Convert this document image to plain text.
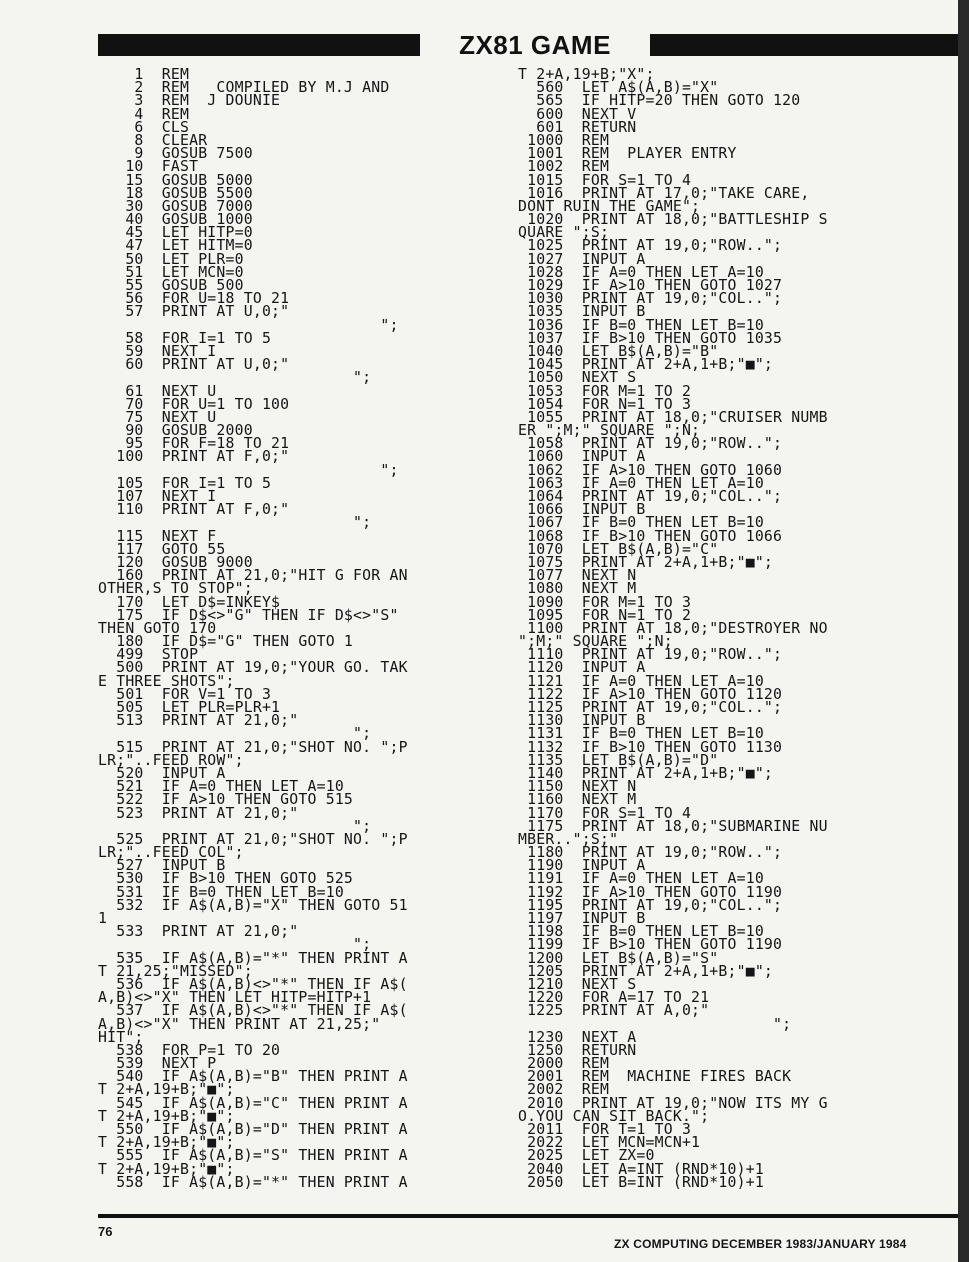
ZX81 GAME
1  REM
2  REM   COMPILED BY M.J AND
3  REM  J DOUNIE
4  REM
6  CLS
8  CLEAR
9  GOSUB 7500
10  FAST
15  GOSUB 5000
18  GOSUB 5500
30  GOSUB 7000
40  GOSUB 1000
45  LET HITP=0
47  LET HITM=0
50  LET PLR=0
51  LET MCN=0
55  GOSUB 500
56  FOR U=18 TO 21
57  PRINT AT U,0;"
";
58  FOR I=1 TO 5
59  NEXT I
60  PRINT AT U,0;"
";
61  NEXT U
70  FOR U=1 TO 100
75  NEXT U
90  GOSUB 2000
95  FOR F=18 TO 21
100  PRINT AT F,0;"
";
105  FOR I=1 TO 5
107  NEXT I
110  PRINT AT F,0;"
";
115  NEXT F
117  GOTO 55
120  GOSUB 9000
160  PRINT AT 21,0;"HIT G FOR AN
OTHER,S TO STOP";
170  LET D$=INKEY$
175  IF D$<>"G" THEN IF D$<>"S"
THEN GOTO 170
180  IF D$="G" THEN GOTO 1
499  STOP
500  PRINT AT 19,0;"YOUR GO. TAK
E THREE SHOTS";
501  FOR V=1 TO 3
505  LET PLR=PLR+1
513  PRINT AT 21,0;"
";
515  PRINT AT 21,0;"SHOT NO. ";P
LR;"..FEED ROW";
520  INPUT A
521  IF A=0 THEN LET A=10
522  IF A>10 THEN GOTO 515
523  PRINT AT 21,0;"
";
525  PRINT AT 21,0;"SHOT NO. ";P
LR;"..FEED COL";
527  INPUT B
530  IF B>10 THEN GOTO 525
531  IF B=0 THEN LET B=10
532  IF A$(A,B)="X" THEN GOTO 51
1
533  PRINT AT 21,0;"
";
535  IF A$(A,B)="*" THEN PRINT A
T 21,25;"MISSED";
536  IF A$(A,B)<>"*" THEN IF A$(
A,B)<>"X" THEN LET HITP=HITP+1
537  IF A$(A,B)<>"*" THEN IF A$(
A,B)<>"X" THEN PRINT AT 21,25;"
HIT";
538  FOR P=1 TO 20
539  NEXT P
540  IF A$(A,B)="B" THEN PRINT A
T 2+A,19+B;"■";
545  IF A$(A,B)="C" THEN PRINT A
T 2+A,19+B;"■";
550  IF A$(A,B)="D" THEN PRINT A
T 2+A,19+B;"■";
555  IF A$(A,B)="S" THEN PRINT A
T 2+A,19+B;"■";
558  IF A$(A,B)="*" THEN PRINT A
T 2+A,19+B;"X";
560  LET A$(A,B)="X"
565  IF HITP=20 THEN GOTO 120
600  NEXT V
601  RETURN
1000  REM
1001  REM  PLAYER ENTRY
1002  REM
1015  FOR S=1 TO 4
1016  PRINT AT 17,0;"TAKE CARE,
DONT RUIN THE GAME";
1020  PRINT AT 18,0;"BATTLESHIP S
QUARE ";S;
1025  PRINT AT 19,0;"ROW..";
1027  INPUT A
1028  IF A=0 THEN LET A=10
1029  IF A>10 THEN GOTO 1027
1030  PRINT AT 19,0;"COL..";
1035  INPUT B
1036  IF B=0 THEN LET B=10
1037  IF B>10 THEN GOTO 1035
1040  LET B$(A,B)="B"
1045  PRINT AT 2+A,1+B;"■";
1050  NEXT S
1053  FOR M=1 TO 2
1054  FOR N=1 TO 3
1055  PRINT AT 18,0;"CRUISER NUMB
ER ";M;" SQUARE ";N;
1058  PRINT AT 19,0;"ROW..";
1060  INPUT A
1062  IF A>10 THEN GOTO 1060
1063  IF A=0 THEN LET A=10
1064  PRINT AT 19,0;"COL..";
1066  INPUT B
1067  IF B=0 THEN LET B=10
1068  IF B>10 THEN GOTO 1066
1070  LET B$(A,B)="C"
1075  PRINT AT 2+A,1+B;"■";
1077  NEXT N
1080  NEXT M
1090  FOR M=1 TO 3
1095  FOR N=1 TO 2
1100  PRINT AT 18,0;"DESTROYER NO
";M;" SQUARE ";N;
1110  PRINT AT 19,0;"ROW..";
1120  INPUT A
1121  IF A=0 THEN LET A=10
1122  IF A>10 THEN GOTO 1120
1125  PRINT AT 19,0;"COL..";
1130  INPUT B
1131  IF B=0 THEN LET B=10
1132  IF B>10 THEN GOTO 1130
1135  LET B$(A,B)="D"
1140  PRINT AT 2+A,1+B;"■";
1150  NEXT N
1160  NEXT M
1170  FOR S=1 TO 4
1175  PRINT AT 18,0;"SUBMARINE NU
MBER..";S;"
1180  PRINT AT 19,0;"ROW..";
1190  INPUT A
1191  IF A=0 THEN LET A=10
1192  IF A>10 THEN GOTO 1190
1195  PRINT AT 19,0;"COL..";
1197  INPUT B
1198  IF B=0 THEN LET B=10
1199  IF B>10 THEN GOTO 1190
1200  LET B$(A,B)="S"
1205  PRINT AT 2+A,1+B;"■";
1210  NEXT S
1220  FOR A=17 TO 21
1225  PRINT AT A,0;"
";
1230  NEXT A
1250  RETURN
2000  REM
2001  REM  MACHINE FIRES BACK
2002  REM
2010  PRINT AT 19,0;"NOW ITS MY G
O.YOU CAN SIT BACK.";
2011  FOR T=1 TO 3
2022  LET MCN=MCN+1
2025  LET ZX=0
2040  LET A=INT (RND*10)+1
2050  LET B=INT (RND*10)+1
76
ZX COMPUTING DECEMBER 1983/JANUARY 1984
